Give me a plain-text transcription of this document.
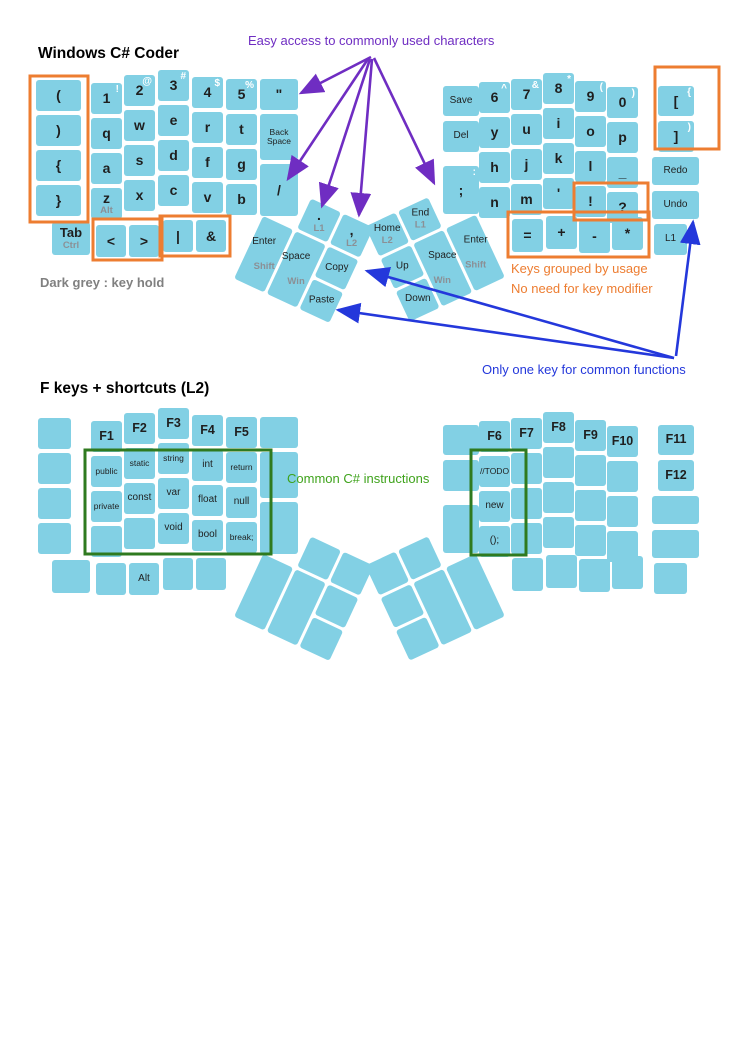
Windows C# Coder
Easy access to commonly used characters
Dark grey : key hold
Keys grouped by usage
No need for key modifier
Only one key for common functions
F keys + shortcuts (L2)
Common C# instructions
(
)
{
}
1
!
q
a
z
Alt
2
@
w
s
x
3
#
e
d
c
4
$
r
f
v
5
%
t
g
b
"
Back Space
/
Tab
Ctrl < > | &	Enter
Shift
.
L1 ,
L2
Space
Win
Copy
Paste
Save
Del
;
:
6
^
y
h
n
7
&
u
j
m
8
*
i
k
'
9
(
o
l
!
0
)
p
_
?
[
{
]
)
Redo
Undo
= + - *	L1
End
L1
Home
L2	Enter
Shift
Up
Space
Win
Down
F1
public
private
F2
static
const
F3
string
var
void
F4
int
float
bool
F5
return
null
break;
Alt
F6
//TODO
new
();
F7 F8
F9 F10	F11
F12
